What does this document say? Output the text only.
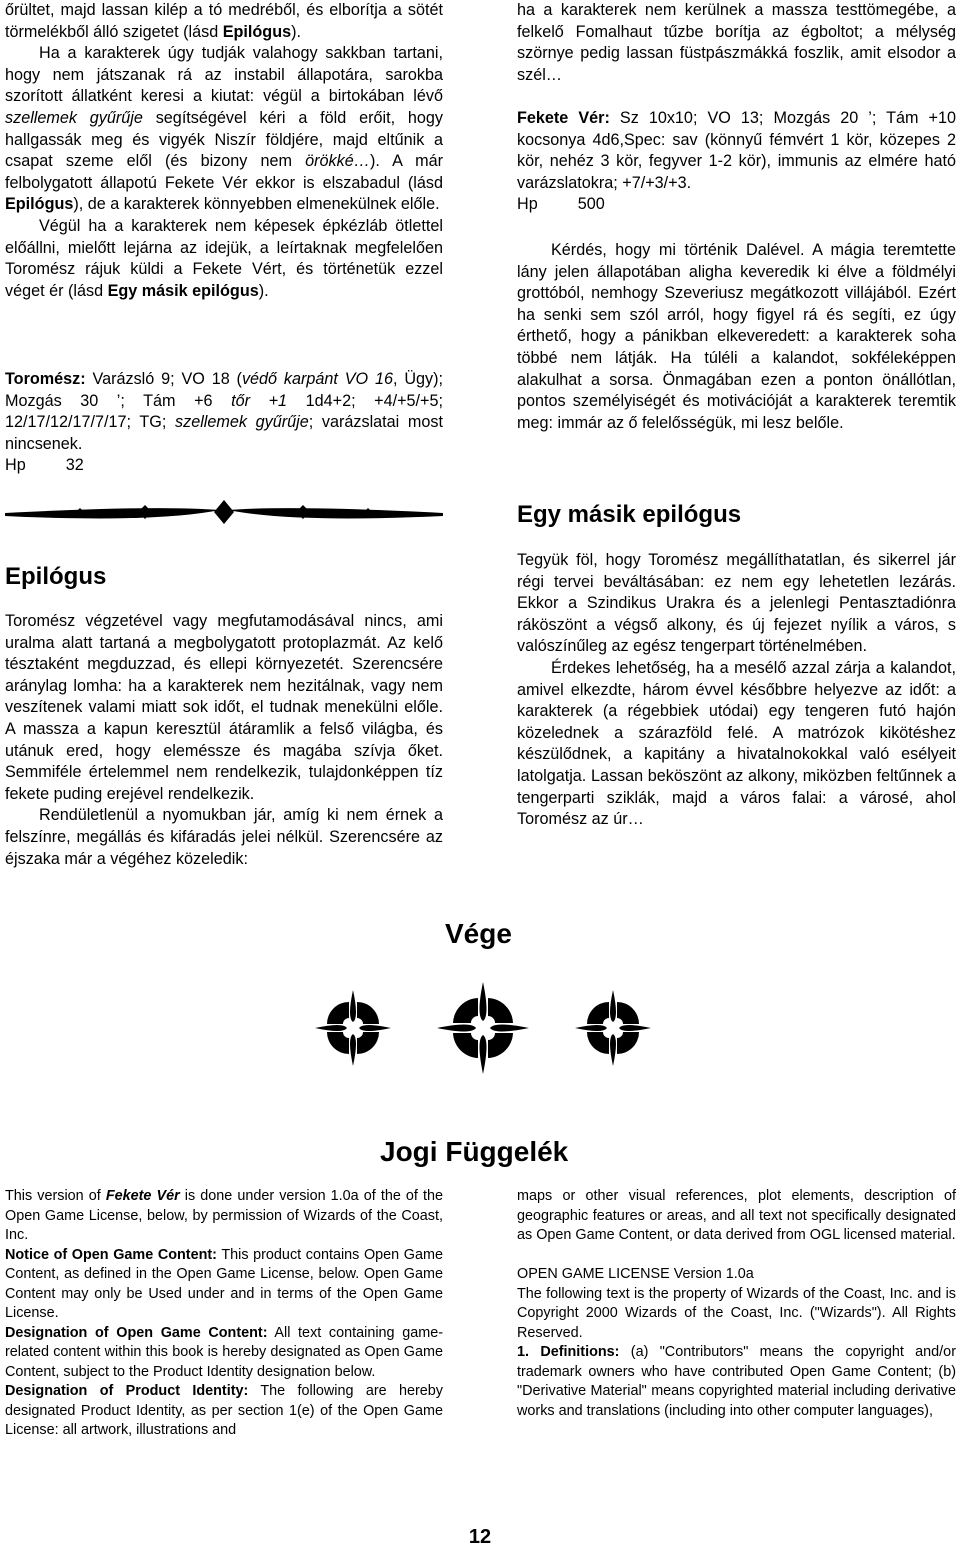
őrültet, majd lassan kilép a tó medréből, és elborítja a sötét törmelékből álló szigetet (lásd Epilógus).

Ha a karakterek úgy tudják valahogy sakkban tartani, hogy nem játszanak rá az instabil állapotára, sarokba szorított állatként keresi a kiutat: végül a birtokában lévő szellemek gyűrűje segítségével kéri a föld erőit, hogy hallgassák meg és vigyék Niszír földjére, majd eltűnik a csapat szeme elől (és bizony nem örökké…). A már felbolygatott állapotú Fekete Vér ekkor is elszabadul (lásd Epilógus), de a karakterek könnyebben elmenekülnek előle.

Végül ha a karakterek nem képesek épkézláb ötlettel előállni, mielőtt lejárna az idejük, a leírtaknak megfelelően Toromész rájuk küldi a Fekete Vért, és történetük ezzel véget ér (lásd Egy másik epilógus).

Toromész: Varázsló 9; VO 18 (védő karpánt VO 16, Ügy); Mozgás 30 ’; Tám +6 tőr +1 1d4+2; +4/+5/+5; 12/17/12/17/7/17; TG; szellemek gyűrűje; varázslatai most nincsenek.

Hp 32

Epilógus

Toromész végzetével vagy megfutamodásával nincs, ami uralma alatt tartaná a megbolygatott protoplazmát. Az kelő tésztaként megduzzad, és ellepi környezetét. Szerencsére aránylag lomha: ha a karakterek nem hezitálnak, vagy nem veszítenek valami miatt sok időt, el tudnak menekülni előle. A massza a kapun keresztül átáramlik a felső világba, és utánuk ered, hogy eleméssze és magába szívja őket. Semmiféle értelemmel nem rendelkezik, tulajdonképpen tíz fekete puding erejével rendelkezik.

Rendületlenül a nyomukban jár, amíg ki nem érnek a felszínre, megállás és kifáradás jelei nélkül. Szerencsére az éjszaka már a végéhez közeledik:

ha a karakterek nem kerülnek a massza testtömegébe, a felkelő Fomalhaut tűzbe borítja az égboltot; a mélység szörnye pedig lassan füstpászmákká foszlik, amit elsodor a szél…

Fekete Vér: Sz 10x10; VO 13; Mozgás 20 ’; Tám +10 kocsonya 4d6,Spec: sav (könnyű fémvért 1 kör, közepes 2 kör, nehéz 3 kör, fegyver 1-2 kör), immunis az elmére ható varázslatokra; +7/+3/+3.

Hp 500

Kérdés, hogy mi történik Dalével. A mágia teremtette lány jelen állapotában aligha keveredik ki élve a földmélyi grottóból, nemhogy Szeveriusz megátkozott villájából. Ezért ha senki sem szól arról, hogy figyel rá és segíti, ez úgy érthető, hogy a pánikban elkeveredett: a karakterek soha többé nem látják. Ha túléli a kalandot, sokféleképpen alakulhat a sorsa. Önmagában ezen a ponton önállótlan, pontos személyiségét és motivációját a karakterek teremtik meg: immár az ő felelősségük, mi lesz belőle.

Egy másik epilógus

Tegyük föl, hogy Toromész megállíthatatlan, és sikerrel jár régi tervei beváltásában: ez nem egy lehetetlen lezárás. Ekkor a Szindikus Urakra és a jelenlegi Pentasztadiónra ráköszönt a végső alkony, és új fejezet nyílik a város, s valószínűleg az egész tengerpart történelmében.

Érdekes lehetőség, ha a mesélő azzal zárja a kalandot, amivel elkezdte, három évvel későbbre helyezve az időt: a karakterek (a régebbiek utódai) egy tengeren futó hajón közelednek a szárazföld felé. A matrózok kikötéshez készülődnek, a kapitány a hivatalnokokkal való esélyeit latolgatja. Lassan beköszönt az alkony, miközben feltűnnek a tengerparti sziklák, majd a város falai: a városé, ahol Toromész az úr…

Vége
Jogi Függelék

This version of Fekete Vér is done under version 1.0a of the of the Open Game License, below, by permission of Wizards of the Coast, Inc.

Notice of Open Game Content: This product contains Open Game Content, as defined in the Open Game License, below. Open Game Content may only be Used under and in terms of the Open Game License.

Designation of Open Game Content: All text containing game-related content within this book is hereby designated as Open Game Content, subject to the Product Identity designation below.

Designation of Product Identity: The following are hereby designated Product Identity, as per section 1(e) of the Open Game License: all artwork, illustrations and

maps or other visual references, plot elements, description of geographic features or areas, and all text not specifically designated as Open Game Content, or data derived from OGL licensed material.

OPEN GAME LICENSE Version 1.0a

The following text is the property of Wizards of the Coast, Inc. and is Copyright 2000 Wizards of the Coast, Inc. ("Wizards"). All Rights Reserved.

1. Definitions: (a) "Contributors" means the copyright and/or trademark owners who have contributed Open Game Content; (b) "Derivative Material" means copyrighted material including derivative works and translations (including into other computer languages),

12
